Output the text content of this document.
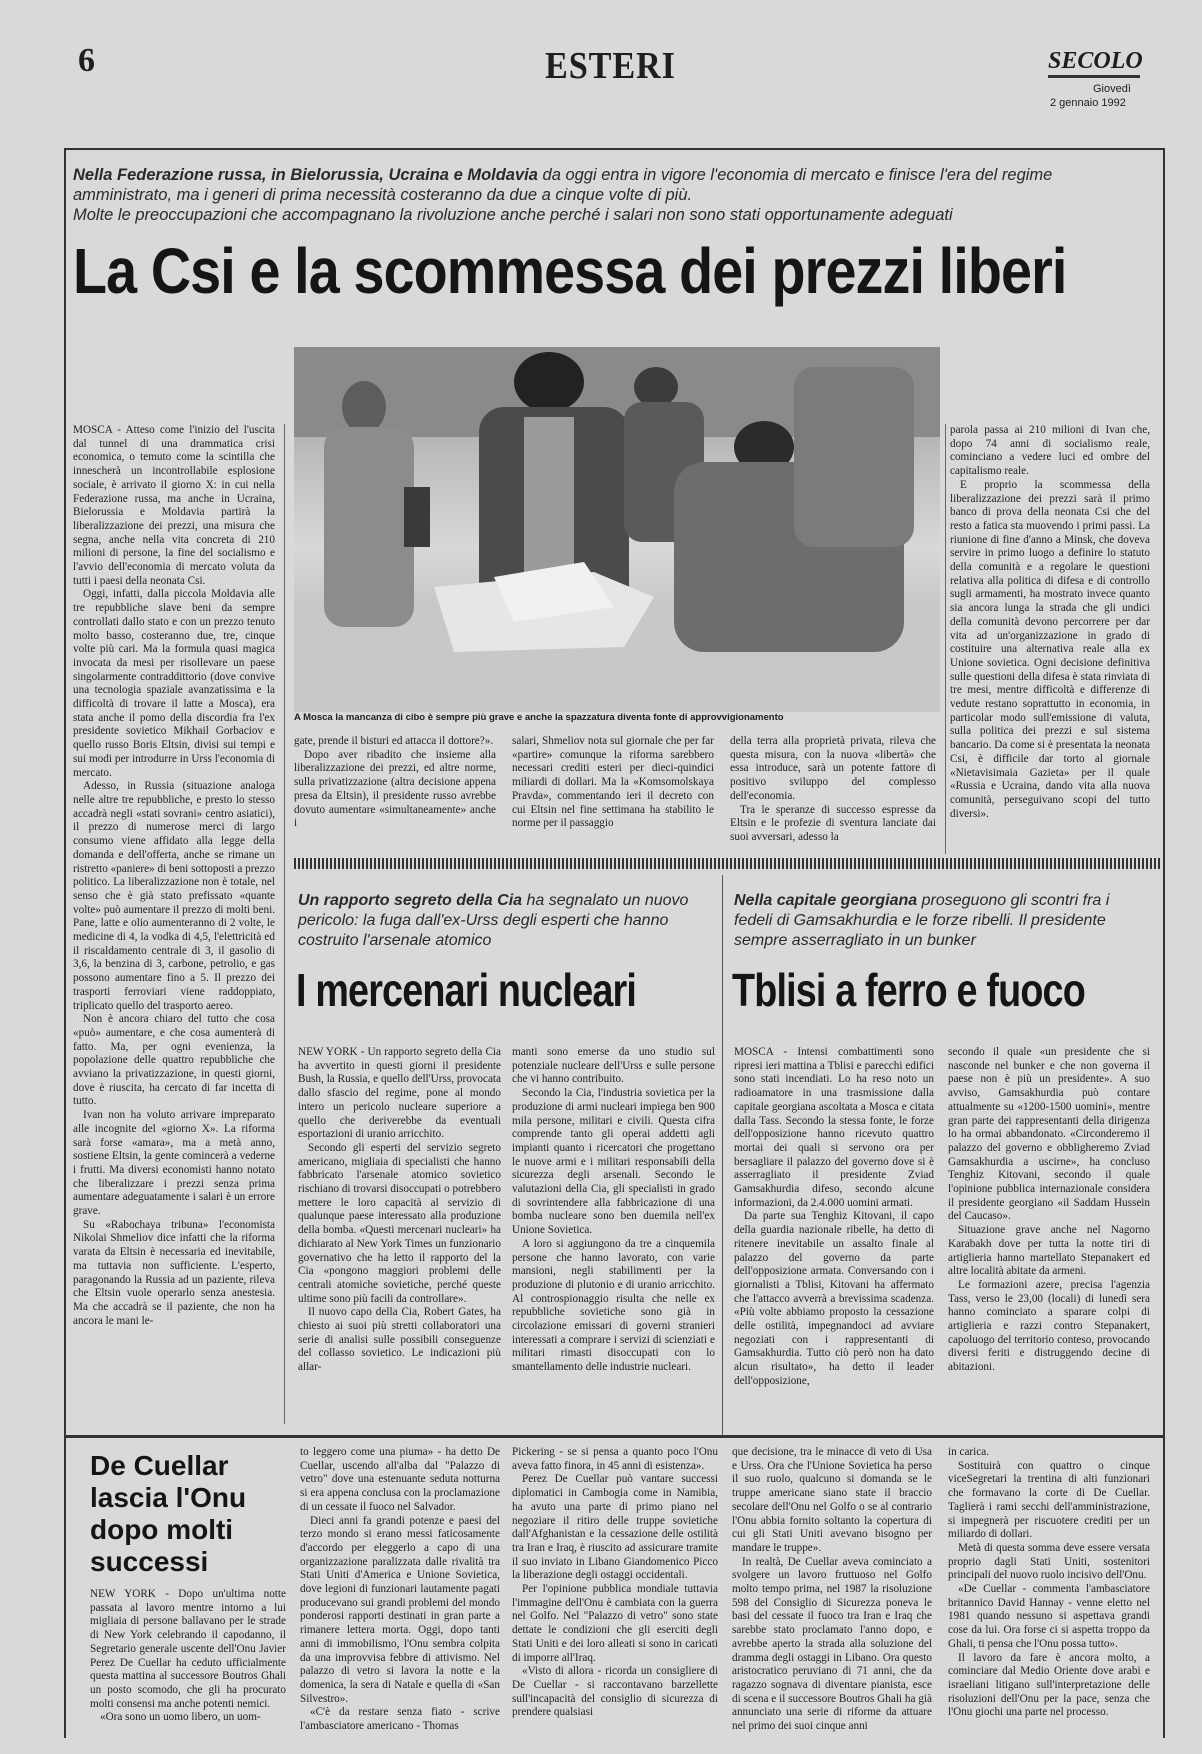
6	ESTERI	SECOLO
Giovedì
2 gennaio 1992
Nella Federazione russa, in Bielorussia, Ucraina e Moldavia da oggi entra in vigore l'economia di mercato e finisce l'era del regime amministrato, ma i generi di prima necessità costeranno da due a cinque volte di più.
Molte le preoccupazioni che accompagnano la rivoluzione anche perché i salari non sono stati opportunamente adeguati
La Csi e la scommessa dei prezzi liberi
A Mosca la mancanza di cibo è sempre più grave e anche la spazzatura diventa fonte di approvvigionamento

MOSCA - Atteso come l'inizio del l'uscita dal tunnel di una drammatica crisi economica, o temuto come la scintilla che innescherà un incontrollabile esplosione sociale, è arrivato il giorno X: in cui nella Federazione russa, ma anche in Ucraina, Bielorussia e Moldavia partirà la liberalizzazione dei prezzi, una misura che segna, anche nella vita concreta di 210 milioni di persone, la fine del socialismo e l'avvio dell'economia di mercato voluta da tutti i paesi della neonata Csi.

Oggi, infatti, dalla piccola Moldavia alle tre repubbliche slave beni da sempre controllati dallo stato e con un prezzo tenuto molto basso, costeranno due, tre, cinque volte più cari. Ma la formula quasi magica invocata da mesi per risollevare un paese singolarmente contraddittorio (dove convive una tecnologia spaziale avanzatissima e la difficoltà di trovare il latte a Mosca), era stata anche il pomo della discordia fra l'ex presidente sovietico Mikhail Gorbaciov e quello russo Boris Eltsin, divisi sui tempi e sui modi per introdurre in Urss l'economia di mercato.

Adesso, in Russia (situazione analoga nelle altre tre repubbliche, e presto lo stesso accadrà negli «stati sovrani» centro asiatici), il prezzo di numerose merci di largo consumo viene affidato alla legge della domanda e dell'offerta, anche se rimane un ristretto «paniere» di beni sottoposti a prezzo politico. La liberalizzazione non è totale, nel senso che è già stato prefissato «quante volte» può aumentare il prezzo di molti beni. Pane, latte e olio aumenteranno di 2 volte, le medicine di 4, la vodka di 4,5, l'elettricità ed il riscaldamento centrale di 3, il gasolio di 3,6, la benzina di 3, carbone, petrolio, e gas possono aumentare fino a 5. Il prezzo dei trasporti ferroviari viene raddoppiato, triplicato quello del trasporto aereo.

Non è ancora chiaro del tutto che cosa «può» aumentare, e che cosa aumenterà di fatto. Ma, per ogni evenienza, la popolazione delle quattro repubbliche che avviano la privatizzazione, in questi giorni, dove è riuscita, ha cercato di far incetta di tutto.

Ivan non ha voluto arrivare impreparato alle incognite del «giorno X». La riforma sarà forse «amara», ma a metà anno, sostiene Eltsin, la gente comincerà a vederne i frutti. Ma diversi economisti hanno notato che liberalizzare i prezzi senza prima aumentare adeguatamente i salari è un errore grave.

Su «Rabochaya tribuna» l'economista Nikolai Shmeliov dice infatti che la riforma varata da Eltsin è necessaria ed inevitabile, ma tuttavia non sufficiente. L'esperto, paragonando la Russia ad un paziente, rileva che Eltsin vuole operarlo senza anestesia. Ma che accadrà se il paziente, che non ha ancora le mani le-

gate, prende il bisturi ed attacca il dottore?».

Dopo aver ribadito che insieme alla liberalizzazione dei prezzi, ed altre norme, sulla privatizzazione (altra decisione appena presa da Eltsin), il presidente russo avrebbe dovuto aumentare «simultaneamente» anche i

salari, Shmeliov nota sul giornale che per far «partire» comunque la riforma sarebbero necessari crediti esteri per dieci-quindici miliardi di dollari. Ma la «Komsomolskaya Pravda», commentando ieri il decreto con cui Eltsin nel fine settimana ha stabilito le norme per il passaggio

della terra alla proprietà privata, rileva che questa misura, con la nuova «libertà» che essa introduce, sarà un potente fattore di positivo sviluppo del complesso dell'economia.

Tra le speranze di successo espresse da Eltsin e le profezie di sventura lanciate dai suoi avversari, adesso la

parola passa ai 210 milioni di Ivan che, dopo 74 anni di socialismo reale, cominciano a vedere luci ed ombre del capitalismo reale.

E proprio la scommessa della liberalizzazione dei prezzi sarà il primo banco di prova della neonata Csi che del resto a fatica sta muovendo i primi passi. La riunione di fine d'anno a Minsk, che doveva servire in primo luogo a definire lo statuto della comunità e a regolare le questioni relativa alla politica di difesa e di controllo sugli armamenti, ha mostrato invece quanto sia ancora lunga la strada che gli undici della comunità devono percorrere per dar vita ad un'organizzazione in grado di costituire una alternativa reale alla ex Unione sovietica. Ogni decisione definitiva sulle questioni della difesa è stata rinviata di tre mesi, mentre difficoltà e differenze di vedute restano soprattutto in economia, in particolar modo sull'emissione di valuta, sulla politica dei prezzi e sul sistema bancario. Da come si è presentata la neonata Csi, è difficile dar torto al giornale «Nietavisimaia Gazieta» per il quale «Russia e Ucraina, dando vita alla nuova comunità, perseguivano scopi del tutto diversi».

Un rapporto segreto della Cia ha segnalato un nuovo pericolo: la fuga dall'ex-Urss degli esperti che hanno costruito l'arsenale atomico
I mercenari nucleari

NEW YORK - Un rapporto segreto della Cia ha avvertito in questi giorni il presidente Bush, la Russia, e quello dell'Urss, provocata dallo sfascio del regime, pone al mondo intero un pericolo nucleare superiore a quello che deriverebbe da eventuali esportazioni di uranio arricchito.

Secondo gli esperti del servizio segreto americano, migliaia di specialisti che hanno fabbricato l'arsenale atomico sovietico rischiano di trovarsi disoccupati o potrebbero mettere le loro capacità al servizio di qualunque paese interessato alla produzione della bomba. «Questi mercenari nucleari» ha dichiarato al New York Times un funzionario governativo che ha letto il rapporto del la Cia «pongono maggiori problemi delle centrali atomiche sovietiche, perché queste ultime sono più facili da controllare».

Il nuovo capo della Cia, Robert Gates, ha chiesto ai suoi più stretti collaboratori una serie di analisi sulle possibili conseguenze del collasso sovietico. Le indicazioni più allar-

manti sono emerse da uno studio sul potenziale nucleare dell'Urss e sulle persone che vi hanno contribuito.

Secondo la Cia, l'industria sovietica per la produzione di armi nucleari impiega ben 900 mila persone, militari e civili. Questa cifra comprende tanto gli operai addetti agli impianti quanto i ricercatori che progettano le nuove armi e i militari responsabili della sicurezza degli arsenali. Secondo le valutazioni della Cia, gli specialisti in grado di sovrintendere alla fabbricazione di una bomba nucleare sono ben duemila nell'ex Unione Sovietica.

A loro si aggiungono da tre a cinquemila persone che hanno lavorato, con varie mansioni, negli stabilimenti per la produzione di plutonio e di uranio arricchito. Al controspionaggio risulta che nelle ex repubbliche sovietiche sono già in circolazione emissari di governi stranieri interessati a comprare i servizi di scienziati e militari rimasti disoccupati con lo smantellamento delle industrie nucleari.

Nella capitale georgiana proseguono gli scontri fra i fedeli di Gamsakhurdia e le forze ribelli. Il presidente sempre asserragliato in un bunker
Tblisi a ferro e fuoco

MOSCA - Intensi combattimenti sono ripresi ieri mattina a Tblisi e parecchi edifici sono stati incendiati. Lo ha reso noto un radioamatore in una trasmissione dalla capitale georgiana ascoltata a Mosca e citata dalla Tass. Secondo la stessa fonte, le forze dell'opposizione hanno ricevuto quattro mortai dei quali si servono ora per bersagliare il palazzo del governo dove si è asserragliato il presidente Zviad Gamsakhurdia difeso, secondo alcune informazioni, da 2.4.000 uomini armati.

Da parte sua Tenghiz Kitovani, il capo della guardia nazionale ribelle, ha detto di ritenere inevitabile un assalto finale al palazzo del governo da parte dell'opposizione armata. Conversando con i giornalisti a Tblisi, Kitovani ha affermato che l'attacco avverrà a brevissima scadenza. «Più volte abbiamo proposto la cessazione delle ostilità, impegnandoci ad avviare negoziati con i rappresentanti di Gamsakhurdia. Tutto ciò però non ha dato alcun risultato», ha detto il leader dell'opposizione,

secondo il quale «un presidente che si nasconde nel bunker e che non governa il paese non è più un presidente». A suo avviso, Gamsakhurdia può contare attualmente su «1200-1500 uomini», mentre gran parte dei rappresentanti della dirigenza lo ha ormai abbandonato. «Circonderemo il palazzo del governo e obbligheremo Zviad Gamsakhurdia a uscirne», ha concluso Tenghiz Kitovani, secondo il quale l'opinione pubblica internazionale considera il presidente georgiano «il Saddam Hussein del Caucaso».

Situazione grave anche nel Nagorno Karabakh dove per tutta la notte tiri di artiglieria hanno martellato Stepanakert ed altre località abitate da armeni.

Le formazioni azere, precisa l'agenzia Tass, verso le 23,00 (locali) di lunedì sera hanno cominciato a sparare colpi di artiglieria e razzi contro Stepanakert, capoluogo del territorio conteso, provocando diversi feriti e distruggendo decine di abitazioni.

De Cuellar
lascia l'Onu
dopo molti
successi

NEW YORK - Dopo un'ultima notte passata al lavoro mentre intorno a lui migliaia di persone ballavano per le strade di New York celebrando il capodanno, il Segretario generale uscente dell'Onu Javier Perez De Cuellar ha ceduto ufficialmente questa mattina al successore Boutros Ghali un posto scomodo, che gli ha procurato molti consensi ma anche potenti nemici.

«Ora sono un uomo libero, un uom-

to leggero come una piuma» - ha detto De Cuellar, uscendo all'alba dal "Palazzo di vetro" dove una estenuante seduta notturna si era appena conclusa con la proclamazione di un cessate il fuoco nel Salvador.

Dieci anni fa grandi potenze e paesi del terzo mondo si erano messi faticosamente d'accordo per eleggerlo a capo di una organizzazione paralizzata dalle rivalità tra Stati Uniti d'America e Unione Sovietica, dove legioni di funzionari lautamente pagati producevano sui grandi problemi del mondo ponderosi rapporti destinati in gran parte a rimanere lettera morta. Oggi, dopo tanti anni di immobilismo, l'Onu sembra colpita da una improvvisa febbre di attivismo. Nel palazzo di vetro si lavora la notte e la domenica, la sera di Natale e quella di «San Silvestro».

«C'è da restare senza fiato - scrive l'ambasciatore americano - Thomas

Pickering - se si pensa a quanto poco l'Onu aveva fatto finora, in 45 anni di esistenza».

Perez De Cuellar può vantare successi diplomatici in Cambogia come in Namibia, ha avuto una parte di primo piano nel negoziare il ritiro delle truppe sovietiche dall'Afghanistan e la cessazione delle ostilità tra Iran e Iraq, è riuscito ad assicurare tramite il suo inviato in Libano Giandomenico Picco la liberazione degli ostaggi occidentali.

Per l'opinione pubblica mondiale tuttavia l'immagine dell'Onu è cambiata con la guerra nel Golfo. Nel "Palazzo di vetro" sono state dettate le condizioni che gli eserciti degli Stati Uniti e dei loro alleati si sono in caricati di imporre all'Iraq.

«Visto di allora - ricorda un consigliere di De Cuellar - si raccontavano barzellette sull'incapacità del consiglio di sicurezza di prendere qualsiasi

que decisione, tra le minacce di veto di Usa e Urss. Ora che l'Unione Sovietica ha perso il suo ruolo, qualcuno si domanda se le truppe americane siano state il braccio secolare dell'Onu nel Golfo o se al contrario l'Onu abbia fornito soltanto la copertura di cui gli Stati Uniti avevano bisogno per mandare le truppe».

In realtà, De Cuellar aveva cominciato a svolgere un lavoro fruttuoso nel Golfo molto tempo prima, nel 1987 la risoluzione 598 del Consiglio di Sicurezza poneva le basi del cessate il fuoco tra Iran e Iraq che sarebbe stato proclamato l'anno dopo, e avrebbe aperto la strada alla soluzione del dramma degli ostaggi in Libano. Ora questo aristocratico peruviano di 71 anni, che da ragazzo sognava di diventare pianista, esce di scena e il successore Boutros Ghali ha già annunciato una serie di riforme da attuare nel primo dei suoi cinque anni

in carica.

Sostituirà con quattro o cinque viceSegretari la trentina di alti funzionari che formavano la corte di De Cuellar. Taglierà i rami secchi dell'amministrazione, si impegnerà per riscuotere crediti per un miliardo di dollari.

Metà di questa somma deve essere versata proprio dagli Stati Uniti, sostenitori principali del nuovo ruolo incisivo dell'Onu.

«De Cuellar - commenta l'ambasciatore britannico David Hannay - venne eletto nel 1981 quando nessuno si aspettava grandi cose da lui. Ora forse ci si aspetta troppo da Ghali, ti pensa che l'Onu possa tutto».

Il lavoro da fare è ancora molto, a cominciare dal Medio Oriente dove arabi e israeliani litigano sull'interpretazione delle risoluzioni dell'Onu per la pace, senza che l'Onu giochi una parte nel processo.
